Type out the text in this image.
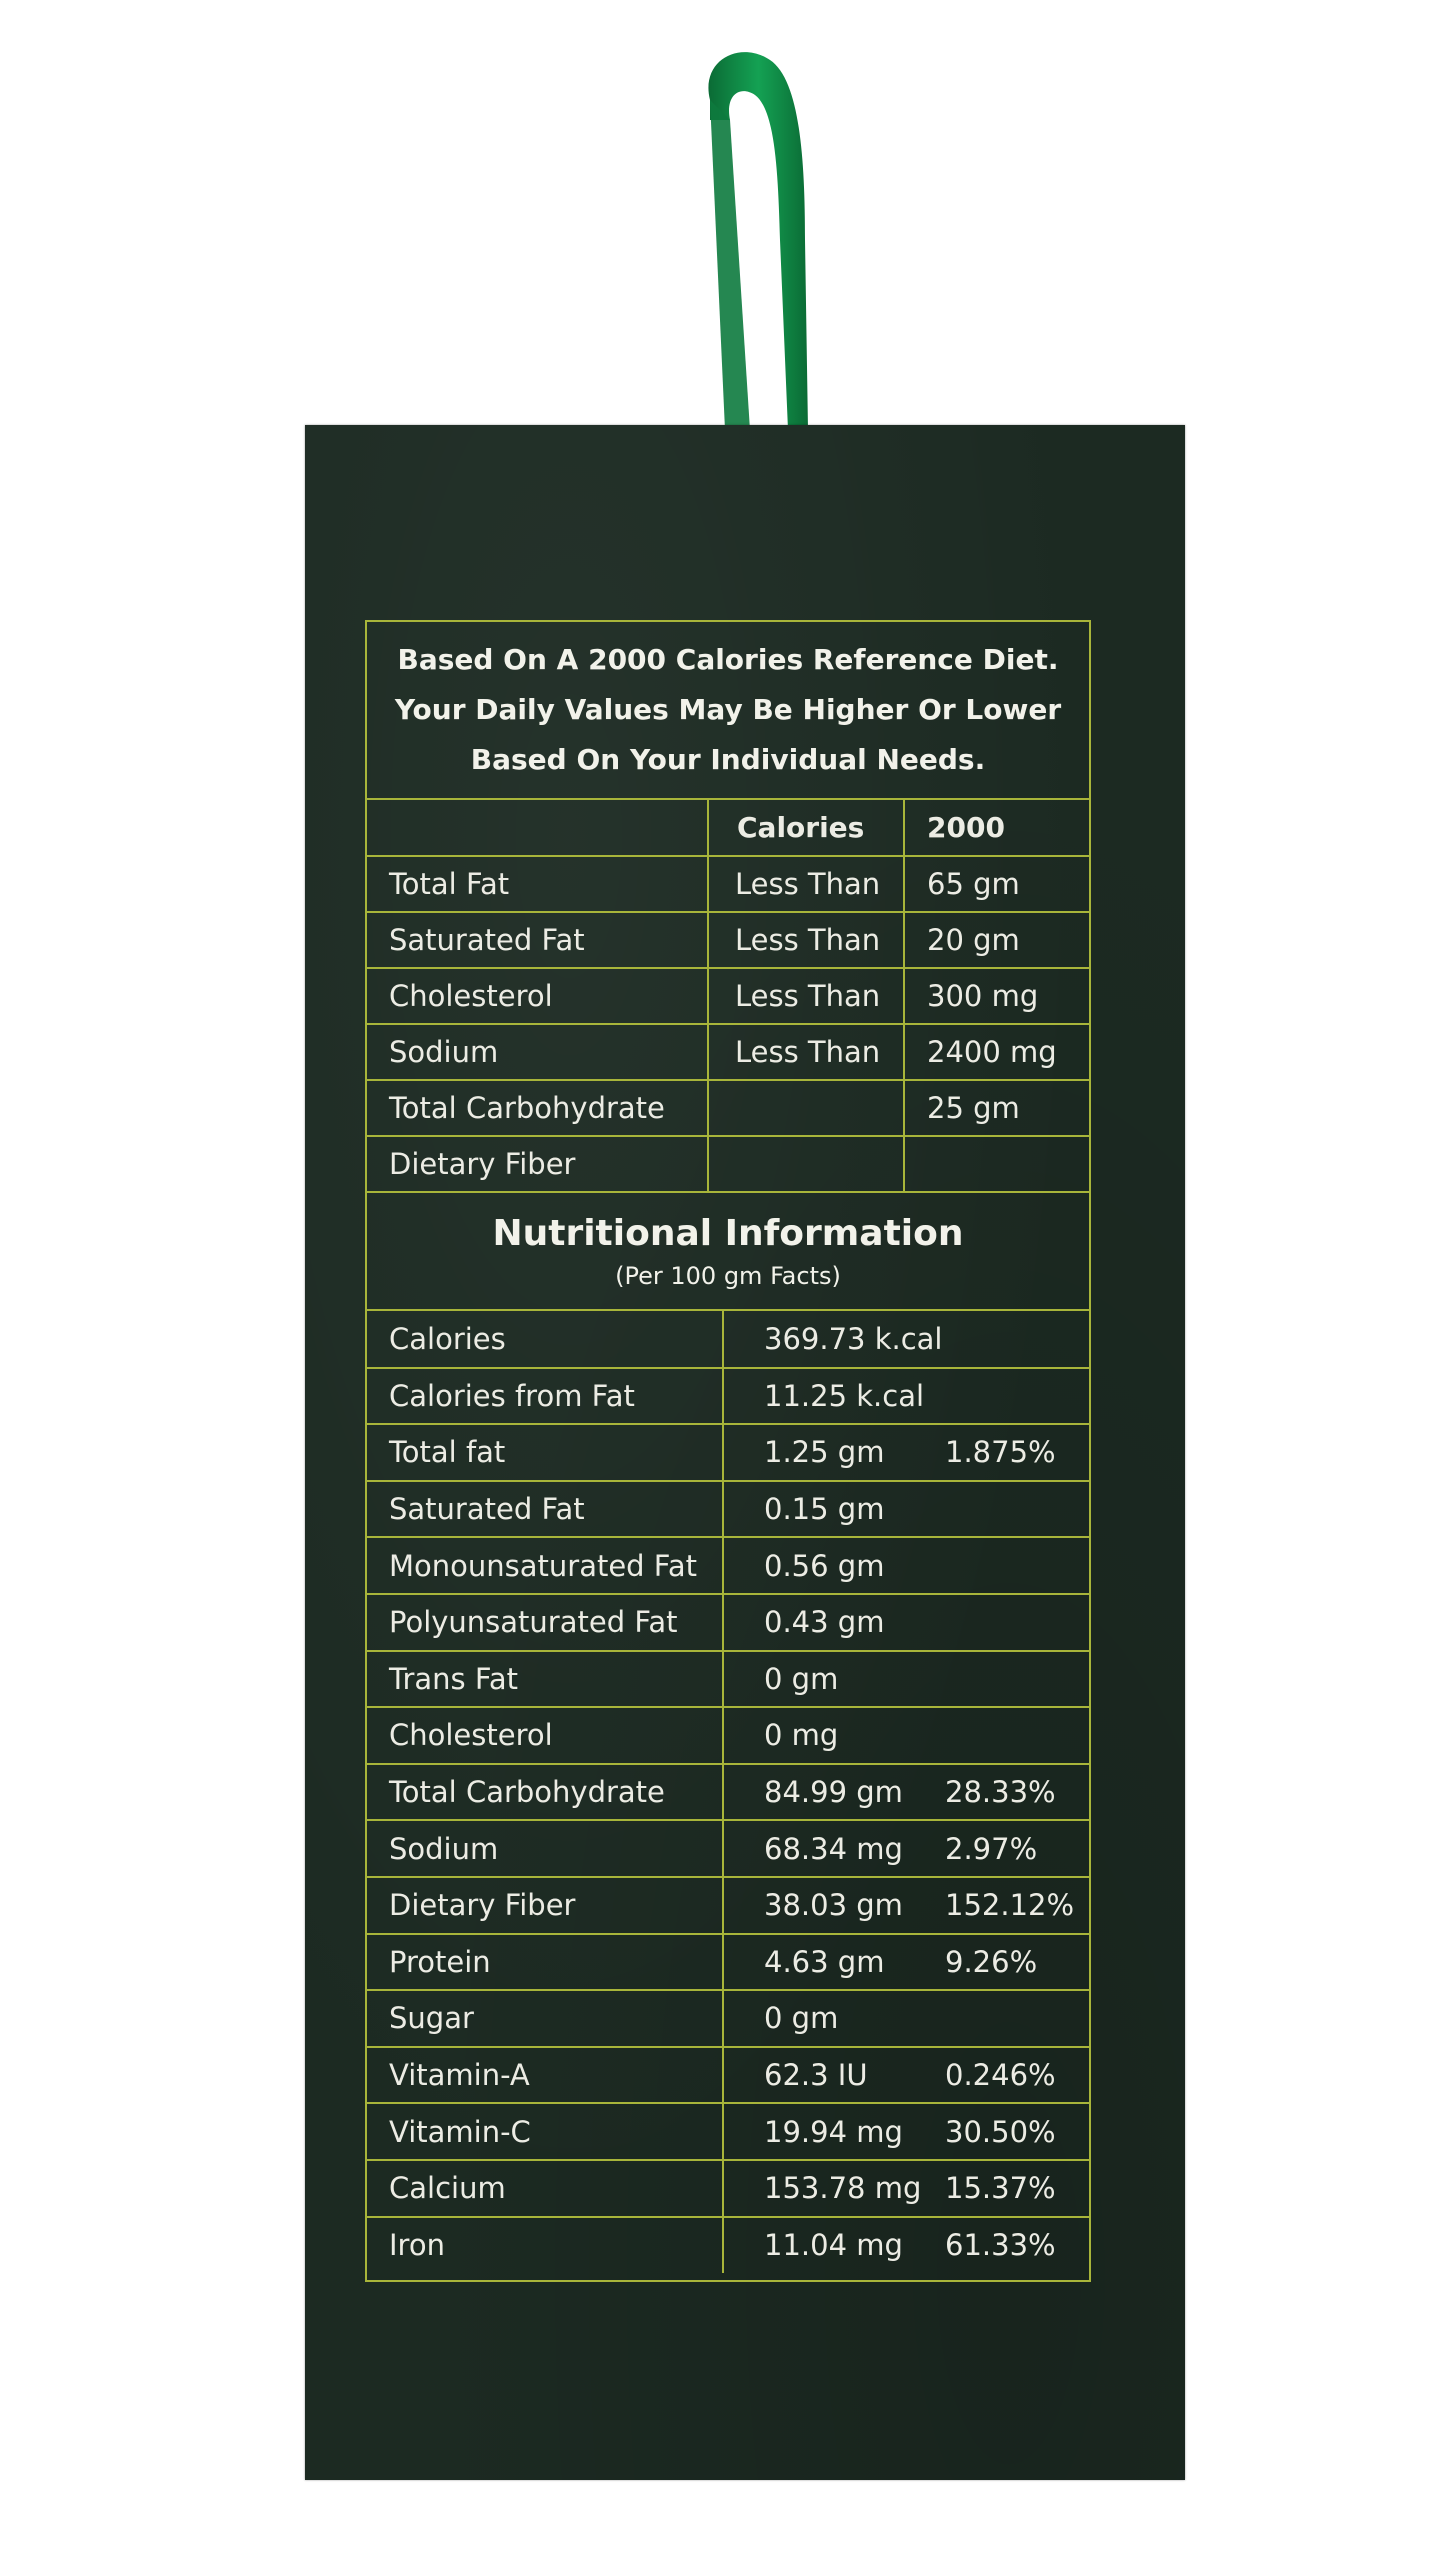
Based On A 2000 Calories Reference Diet.
Your Daily Values May Be Higher Or Lower
Based On Your Individual Needs.
	Calories	2000
Total Fat	Less Than	65 gm
Saturated Fat	Less Than	20 gm
Cholesterol	Less Than	300 mg
Sodium	Less Than	2400 mg
Total Carbohydrate		25 gm
Dietary Fiber		
Nutritional Information
(Per 100 gm Facts)
Calories	369.73 k.cal	
Calories from Fat	11.25 k.cal	
Total fat	1.25 gm	1.875%
Saturated Fat	0.15 gm	
Monounsaturated Fat	0.56 gm	
Polyunsaturated Fat	0.43 gm	
Trans Fat	0 gm	
Cholesterol	0 mg	
Total Carbohydrate	84.99 gm	28.33%
Sodium	68.34 mg	2.97%
Dietary Fiber	38.03 gm	152.12%
Protein	4.63 gm	9.26%
Sugar	0 gm	
Vitamin-A	62.3 IU	0.246%
Vitamin-C	19.94 mg	30.50%
Calcium	153.78 mg	15.37%
Iron	11.04 mg	61.33%
